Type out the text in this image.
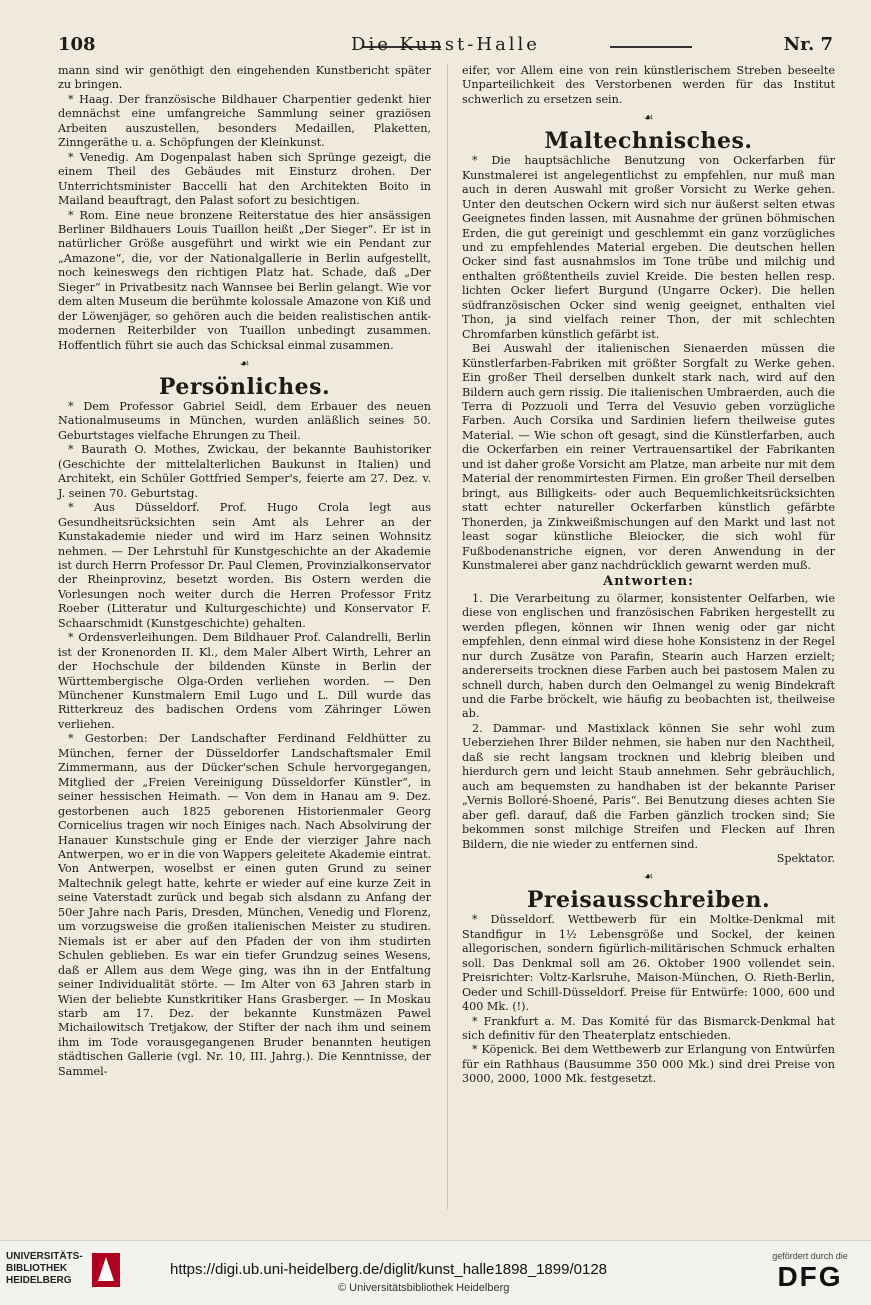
108	Die Kunst-Halle	Nr. 7

mann sind wir genöthigt den eingehenden Kunstbericht später zu bringen.

* Haag. Der französische Bildhauer Charpentier gedenkt hier demnächst eine umfangreiche Sammlung seiner graziösen Arbeiten auszustellen, besonders Medaillen, Plaketten, Zinngeräthe u. a. Schöpfungen der Kleinkunst.

* Venedig. Am Dogenpalast haben sich Sprünge gezeigt, die einem Theil des Gebäudes mit Einsturz drohen. Der Unterrichtsminister Baccelli hat den Architekten Boito in Mailand beauftragt, den Palast sofort zu besichtigen.

* Rom. Eine neue bronzene Reiterstatue des hier ansässigen Berliner Bildhauers Louis Tuaillon heißt „Der Sieger“. Er ist in natürlicher Größe ausgeführt und wirkt wie ein Pendant zur „Amazone“, die, vor der Nationalgallerie in Berlin aufgestellt, noch keineswegs den richtigen Platz hat. Schade, daß „Der Sieger“ in Privatbesitz nach Wannsee bei Berlin gelangt. Wie vor dem alten Museum die berühmte kolossale Amazone von Kiß und der Löwenjäger, so gehören auch die beiden realistischen antik-modernen Reiterbilder von Tuaillon unbedingt zusammen. Hoffentlich führt sie auch das Schicksal einmal zusammen.

☙
Persönliches.

* Dem Professor Gabriel Seidl, dem Erbauer des neuen Nationalmuseums in München, wurden anläßlich seines 50. Geburtstages vielfache Ehrungen zu Theil.

* Baurath O. Mothes, Zwickau, der bekannte Bauhistoriker (Geschichte der mittelalterlichen Baukunst in Italien) und Architekt, ein Schüler Gottfried Semper's, feierte am 27. Dez. v. J. seinen 70. Geburtstag.

* Aus Düsseldorf. Prof. Hugo Crola legt aus Gesundheitsrücksichten sein Amt als Lehrer an der Kunstakademie nieder und wird im Harz seinen Wohnsitz nehmen. — Der Lehrstuhl für Kunstgeschichte an der Akademie ist durch Herrn Professor Dr. Paul Clemen, Provinzialkonservator der Rheinprovinz, besetzt worden. Bis Ostern werden die Vorlesungen noch weiter durch die Herren Professor Fritz Roeber (Litteratur und Kulturgeschichte) und Konservator F. Schaarschmidt (Kunstgeschichte) gehalten.

* Ordensverleihungen. Dem Bildhauer Prof. Calandrelli, Berlin ist der Kronenorden II. Kl., dem Maler Albert Wirth, Lehrer an der Hochschule der bildenden Künste in Berlin der Württembergische Olga-Orden verliehen worden. — Den Münchener Kunstmalern Emil Lugo und L. Dill wurde das Ritterkreuz des badischen Ordens vom Zähringer Löwen verliehen.

* Gestorben: Der Landschafter Ferdinand Feldhütter zu München, ferner der Düsseldorfer Landschaftsmaler Emil Zimmermann, aus der Dücker'schen Schule hervorgegangen, Mitglied der „Freien Vereinigung Düsseldorfer Künstler“, in seiner hessischen Heimath. — Von dem in Hanau am 9. Dez. gestorbenen auch 1825 geborenen Historienmaler Georg Cornicelius tragen wir noch Einiges nach. Nach Absolvirung der Hanauer Kunstschule ging er Ende der vierziger Jahre nach Antwerpen, wo er in die von Wappers geleitete Akademie eintrat. Von Antwerpen, woselbst er einen guten Grund zu seiner Maltechnik gelegt hatte, kehrte er wieder auf eine kurze Zeit in seine Vaterstadt zurück und begab sich alsdann zu Anfang der 50er Jahre nach Paris, Dresden, München, Venedig und Florenz, um vorzugsweise die großen italienischen Meister zu studiren. Niemals ist er aber auf den Pfaden der von ihm studirten Schulen geblieben. Es war ein tiefer Grundzug seines Wesens, daß er Allem aus dem Wege ging, was ihn in der Entfaltung seiner Individualität störte. — Im Alter von 63 Jahren starb in Wien der beliebte Kunstkritiker Hans Grasberger. — In Moskau starb am 17. Dez. der bekannte Kunstmäzen Pawel Michailowitsch Tretjakow, der Stifter der nach ihm und seinem ihm im Tode vorausgegangenen Bruder benannten heutigen städtischen Gallerie (vgl. Nr. 10, III. Jahrg.). Die Kenntnisse, der Sammel-

eifer, vor Allem eine von rein künstlerischem Streben beseelte Unparteilichkeit des Verstorbenen werden für das Institut schwerlich zu ersetzen sein.

☙
Maltechnisches.

* Die hauptsächliche Benutzung von Ockerfarben für Kunstmalerei ist angelegentlichst zu empfehlen, nur muß man auch in deren Auswahl mit großer Vorsicht zu Werke gehen. Unter den deutschen Ockern wird sich nur äußerst selten etwas Geeignetes finden lassen, mit Ausnahme der grünen böhmischen Erden, die gut gereinigt und geschlemmt ein ganz vorzügliches und zu empfehlendes Material ergeben. Die deutschen hellen Ocker sind fast ausnahmslos im Tone trübe und milchig und enthalten größtentheils zuviel Kreide. Die besten hellen resp. lichten Ocker liefert Burgund (Ungarre Ocker). Die hellen südfranzösischen Ocker sind wenig geeignet, enthalten viel Thon, ja sind vielfach reiner Thon, der mit schlechten Chromfarben künstlich gefärbt ist.

Bei Auswahl der italienischen Sienaerden müssen die Künstlerfarben-Fabriken mit größter Sorgfalt zu Werke gehen. Ein großer Theil derselben dunkelt stark nach, wird auf den Bildern auch gern rissig. Die italienischen Umbraerden, auch die Terra di Pozzuoli und Terra del Vesuvio geben vorzügliche Farben. Auch Corsika und Sardinien liefern theilweise gutes Material. — Wie schon oft gesagt, sind die Künstlerfarben, auch die Ockerfarben ein reiner Vertrauensartikel der Fabrikanten und ist daher große Vorsicht am Platze, man arbeite nur mit dem Material der renommirtesten Firmen. Ein großer Theil derselben bringt, aus Billigkeits- oder auch Bequemlichkeitsrücksichten statt echter natureller Ockerfarben künstlich gefärbte Thonerden, ja Zinkweißmischungen auf den Markt und last not least sogar künstliche Bleiocker, die sich wohl für Fußbodenanstriche eignen, vor deren Anwendung in der Kunstmalerei aber ganz nachdrücklich gewarnt werden muß.

Antworten:

1. Die Verarbeitung zu ölarmer, konsistenter Oelfarben, wie diese von englischen und französischen Fabriken hergestellt zu werden pflegen, können wir Ihnen wenig oder gar nicht empfehlen, denn einmal wird diese hohe Konsistenz in der Regel nur durch Zusätze von Parafin, Stearin auch Harzen erzielt; andererseits trocknen diese Farben auch bei pastosem Malen zu schnell durch, haben durch den Oelmangel zu wenig Bindekraft und die Farbe bröckelt, wie häufig zu beobachten ist, theilweise ab.

2. Dammar- und Mastixlack können Sie sehr wohl zum Ueberziehen Ihrer Bilder nehmen, sie haben nur den Nachtheil, daß sie recht langsam trocknen und klebrig bleiben und hierdurch gern und leicht Staub annehmen. Sehr gebräuchlich, auch am bequemsten zu handhaben ist der bekannte Pariser „Vernis Bolloré-Shoené, Paris“. Bei Benutzung dieses achten Sie aber gefl. darauf, daß die Farben gänzlich trocken sind; Sie bekommen sonst milchige Streifen und Flecken auf Ihren Bildern, die nie wieder zu entfernen sind.

Spektator.
☙
Preisausschreiben.

* Düsseldorf. Wettbewerb für ein Moltke-Denkmal mit Standfigur in 1½ Lebensgröße und Sockel, der keinen allegorischen, sondern figürlich-militärischen Schmuck erhalten soll. Das Denkmal soll am 26. Oktober 1900 vollendet sein. Preisrichter: Voltz-Karlsruhe, Maison-München, O. Rieth-Berlin, Oeder und Schill-Düsseldorf. Preise für Entwürfe: 1000, 600 und 400 Mk. (!).

* Frankfurt a. M. Das Komité für das Bismarck-Denkmal hat sich definitiv für den Theaterplatz entschieden.

* Köpenick. Bei dem Wettbewerb zur Erlangung von Entwürfen für ein Rathhaus (Bausumme 350 000 Mk.) sind drei Preise von 3000, 2000, 1000 Mk. festgesetzt.

UNIVERSITÄTS-
BIBLIOTHEK
HEIDELBERG
https://digi.ub.uni-heidelberg.de/diglit/kunst_halle1898_1899/0128
© Universitätsbibliothek Heidelberg
gefördert durch die
DFG
